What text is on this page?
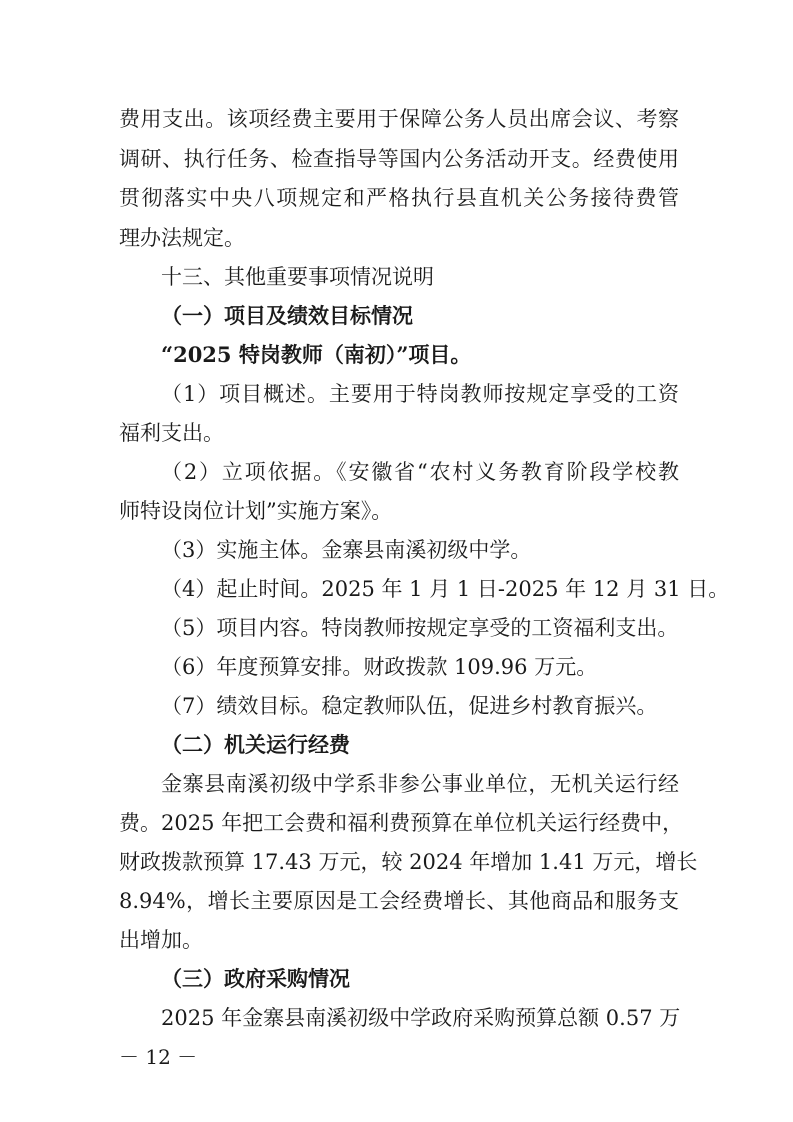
费用支出。该项经费主要用于保障公务人员出席会议、考察
调研、执行任务、检查指导等国内公务活动开支。经费使用
贯彻落实中央八项规定和严格执行县直机关公务接待费管
理办法规定。
十三、其他重要事项情况说明
（一）项目及绩效目标情况
“2025 特岗教师（南初）”项目。
（1）项目概述。主要用于特岗教师按规定享受的工资
福利支出。
（2）立项依据。《安徽省“农村义务教育阶段学校教
师特设岗位计划”实施方案》。
（3）实施主体。金寨县南溪初级中学。
（4）起止时间。2025 年 1 月 1 日-2025 年 12 月 31 日。
（5）项目内容。特岗教师按规定享受的工资福利支出。
（6）年度预算安排。财政拨款 109.96 万元。
（7）绩效目标。稳定教师队伍，促进乡村教育振兴。
（二）机关运行经费
金寨县南溪初级中学系非参公事业单位，无机关运行经
费。2025 年把工会费和福利费预算在单位机关运行经费中，
财政拨款预算 17.43 万元，较 2024 年增加 1.41 万元，增长
8.94%，增长主要原因是工会经费增长、其他商品和服务支
出增加。
（三）政府采购情况
2025 年金寨县南溪初级中学政府采购预算总额 0.57 万
－ 12 －
